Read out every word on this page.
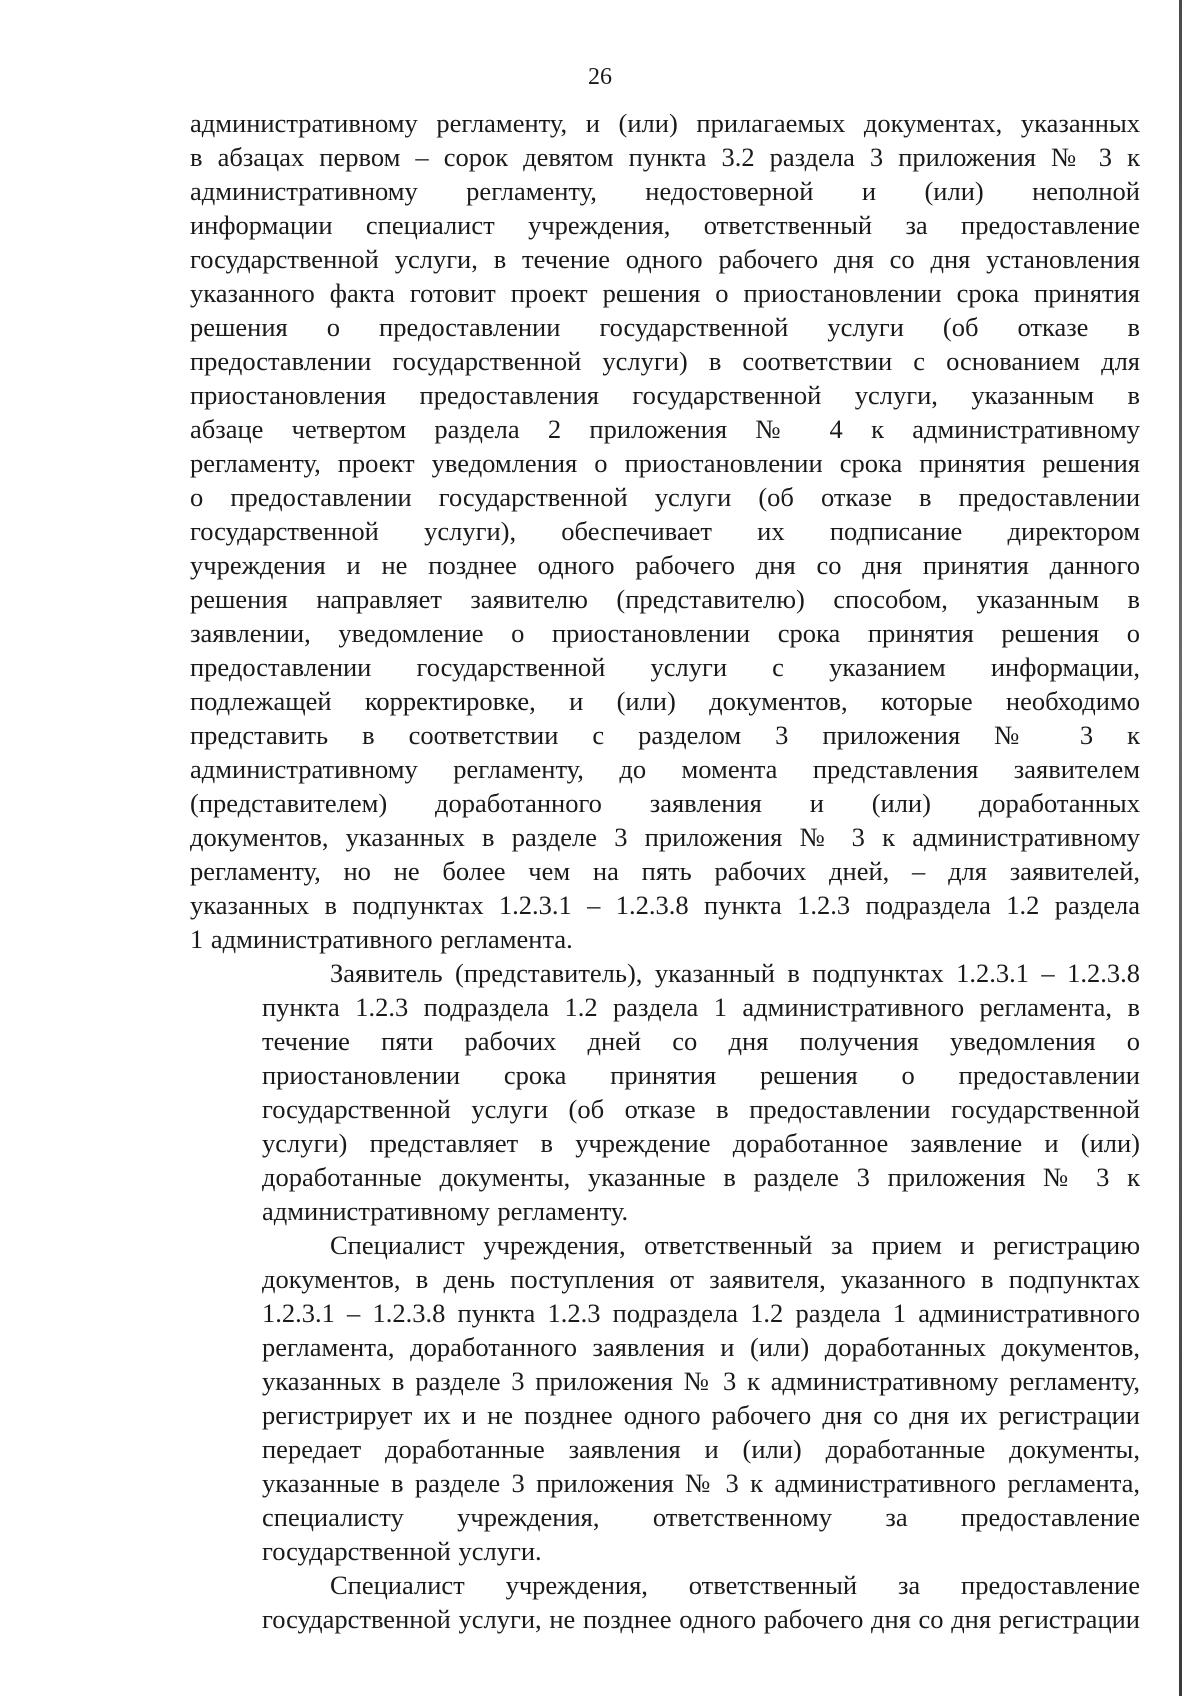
26
административному регламенту, и (или) прилагаемых документах, указанных
в абзацах первом – сорок девятом пункта 3.2 раздела 3 приложения № 3 к
административному регламенту, недостоверной и (или) неполной
информации специалист учреждения, ответственный за предоставление
государственной услуги, в течение одного рабочего дня со дня установления
указанного факта готовит проект решения о приостановлении срока принятия
решения о предоставлении государственной услуги (об отказе в
предоставлении государственной услуги) в соответствии с основанием для
приостановления предоставления государственной услуги, указанным в
абзаце четвертом раздела 2 приложения № 4 к административному
регламенту, проект уведомления о приостановлении срока принятия решения
о предоставлении государственной услуги (об отказе в предоставлении
государственной услуги), обеспечивает их подписание директором
учреждения и не позднее одного рабочего дня со дня принятия данного
решения направляет заявителю (представителю) способом, указанным в
заявлении, уведомление о приостановлении срока принятия решения о
предоставлении государственной услуги с указанием информации,
подлежащей корректировке, и (или) документов, которые необходимо
представить в соответствии с разделом 3 приложения № 3 к
административному регламенту, до момента представления заявителем
(представителем) доработанного заявления и (или) доработанных
документов, указанных в разделе 3 приложения № 3 к административному
регламенту, но не более чем на пять рабочих дней, – для заявителей,
указанных в подпунктах 1.2.3.1 – 1.2.3.8 пункта 1.2.3 подраздела 1.2 раздела
1 административного регламента.
Заявитель (представитель), указанный в подпунктах 1.2.3.1 – 1.2.3.8
пункта 1.2.3 подраздела 1.2 раздела 1 административного регламента, в
течение пяти рабочих дней со дня получения уведомления о
приостановлении срока принятия решения о предоставлении
государственной услуги (об отказе в предоставлении государственной
услуги) представляет в учреждение доработанное заявление и (или)
доработанные документы, указанные в разделе 3 приложения № 3 к
административному регламенту.
Специалист учреждения, ответственный за прием и регистрацию
документов, в день поступления от заявителя, указанного в подпунктах
1.2.3.1 – 1.2.3.8 пункта 1.2.3 подраздела 1.2 раздела 1 административного
регламента, доработанного заявления и (или) доработанных документов,
указанных в разделе 3 приложения № 3 к административному регламенту,
регистрирует их и не позднее одного рабочего дня со дня их регистрации
передает доработанные заявления и (или) доработанные документы,
указанные в разделе 3 приложения № 3 к административного регламента,
специалисту учреждения, ответственному за предоставление
государственной услуги.
Специалист учреждения, ответственный за предоставление
государственной услуги, не позднее одного рабочего дня со дня регистрации
